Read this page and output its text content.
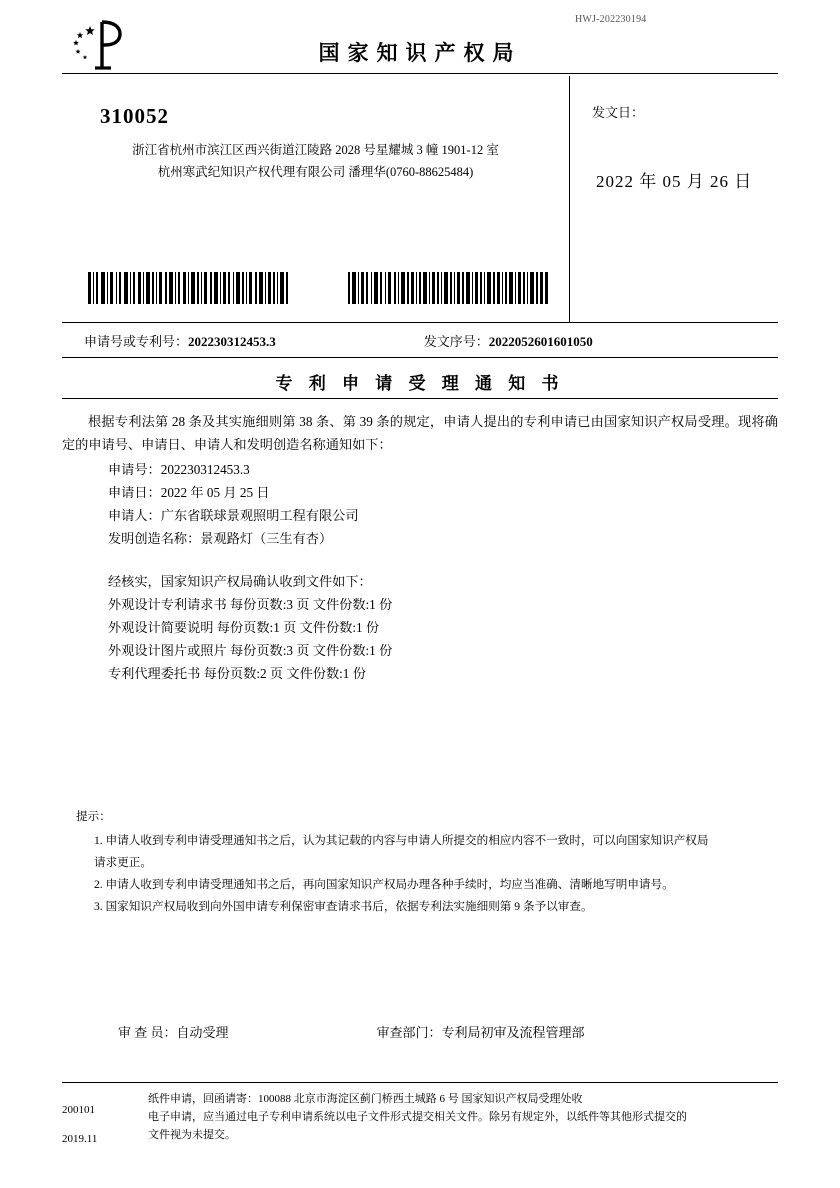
HWJ-202230194
国家知识产权局
310052
浙江省杭州市滨江区西兴街道江陵路 2028 号星耀城 3 幢 1901-12 室
杭州寒武纪知识产权代理有限公司 潘理华(0760-88625484)
发文日：
2022 年 05 月 26 日
申请号或专利号：202230312453.3	发文序号：2022052601601050
专 利 申 请 受 理 通 知 书

根据专利法第 28 条及其实施细则第 38 条、第 39 条的规定，申请人提出的专利申请已由国家知识产权局受理。现将确定的申请号、申请日、申请人和发明创造名称通知如下：

申请号：202230312453.3

申请日：2022 年 05 月 25 日

申请人：广东省联球景观照明工程有限公司

发明创造名称：景观路灯（三生有杏）

经核实，国家知识产权局确认收到文件如下：

外观设计专利请求书 每份页数:3 页 文件份数:1 份

外观设计简要说明 每份页数:1 页 文件份数:1 份

外观设计图片或照片 每份页数:3 页 文件份数:1 份

专利代理委托书 每份页数:2 页 文件份数:1 份

提示：

1. 申请人收到专利申请受理通知书之后，认为其记载的内容与申请人所提交的相应内容不一致时，可以向国家知识产权局

请求更正。

2. 申请人收到专利申请受理通知书之后，再向国家知识产权局办理各种手续时，均应当准确、清晰地写明申请号。

3. 国家知识产权局收到向外国申请专利保密审查请求书后，依据专利法实施细则第 9 条予以审查。

审 查 员：自动受理	审查部门：专利局初审及流程管理部

200101

2019.11

纸件申请，回函请寄：100088 北京市海淀区蓟门桥西土城路 6 号 国家知识产权局受理处收

电子申请，应当通过电子专利申请系统以电子文件形式提交相关文件。除另有规定外，以纸件等其他形式提交的

文件视为未提交。
